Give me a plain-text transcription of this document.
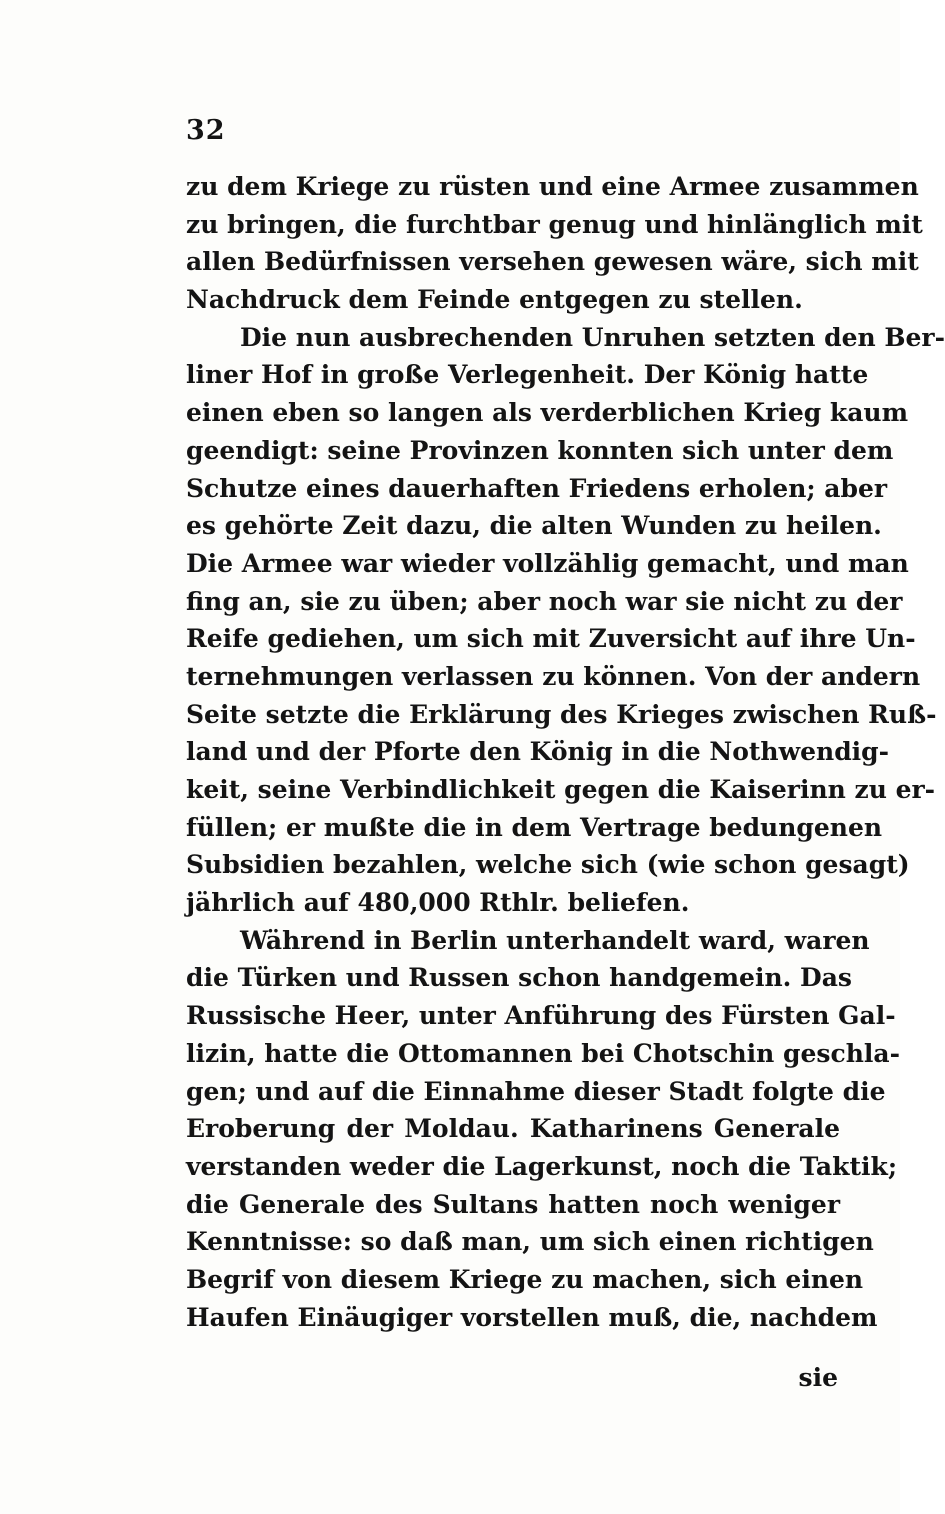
32
zu dem Kriege zu rüsten und eine Armee zusammen
zu bringen, die furchtbar genug und hinlänglich mit
allen Bedürfnissen versehen gewesen wäre, sich mit
Nachdruck dem Feinde entgegen zu stellen.
Die nun ausbrechenden Unruhen setzten den Ber-
liner Hof in große Verlegenheit. Der König hatte
einen eben so langen als verderblichen Krieg kaum
geendigt: seine Provinzen konnten sich unter dem
Schutze eines dauerhaften Friedens erholen; aber
es gehörte Zeit dazu, die alten Wunden zu heilen.
Die Armee war wieder vollzählig gemacht, und man
fing an, sie zu üben; aber noch war sie nicht zu der
Reife gediehen, um sich mit Zuversicht auf ihre Un-
ternehmungen verlassen zu können. Von der andern
Seite setzte die Erklärung des Krieges zwischen Ruß-
land und der Pforte den König in die Nothwendig-
keit, seine Verbindlichkeit gegen die Kaiserinn zu er-
füllen; er mußte die in dem Vertrage bedungenen
Subsidien bezahlen, welche sich (wie schon gesagt)
jährlich auf 480,000 Rthlr. beliefen.
Während in Berlin unterhandelt ward, waren
die Türken und Russen schon handgemein. Das
Russische Heer, unter Anführung des Fürsten Gal-
lizin, hatte die Ottomannen bei Chotschin geschla-
gen; und auf die Einnahme dieser Stadt folgte die
Eroberung der Moldau. Katharinens Generale
verstanden weder die Lagerkunst, noch die Taktik;
die Generale des Sultans hatten noch weniger
Kenntnisse: so daß man, um sich einen richtigen
Begrif von diesem Kriege zu machen, sich einen
Haufen Einäugiger vorstellen muß, die, nachdem
sie
